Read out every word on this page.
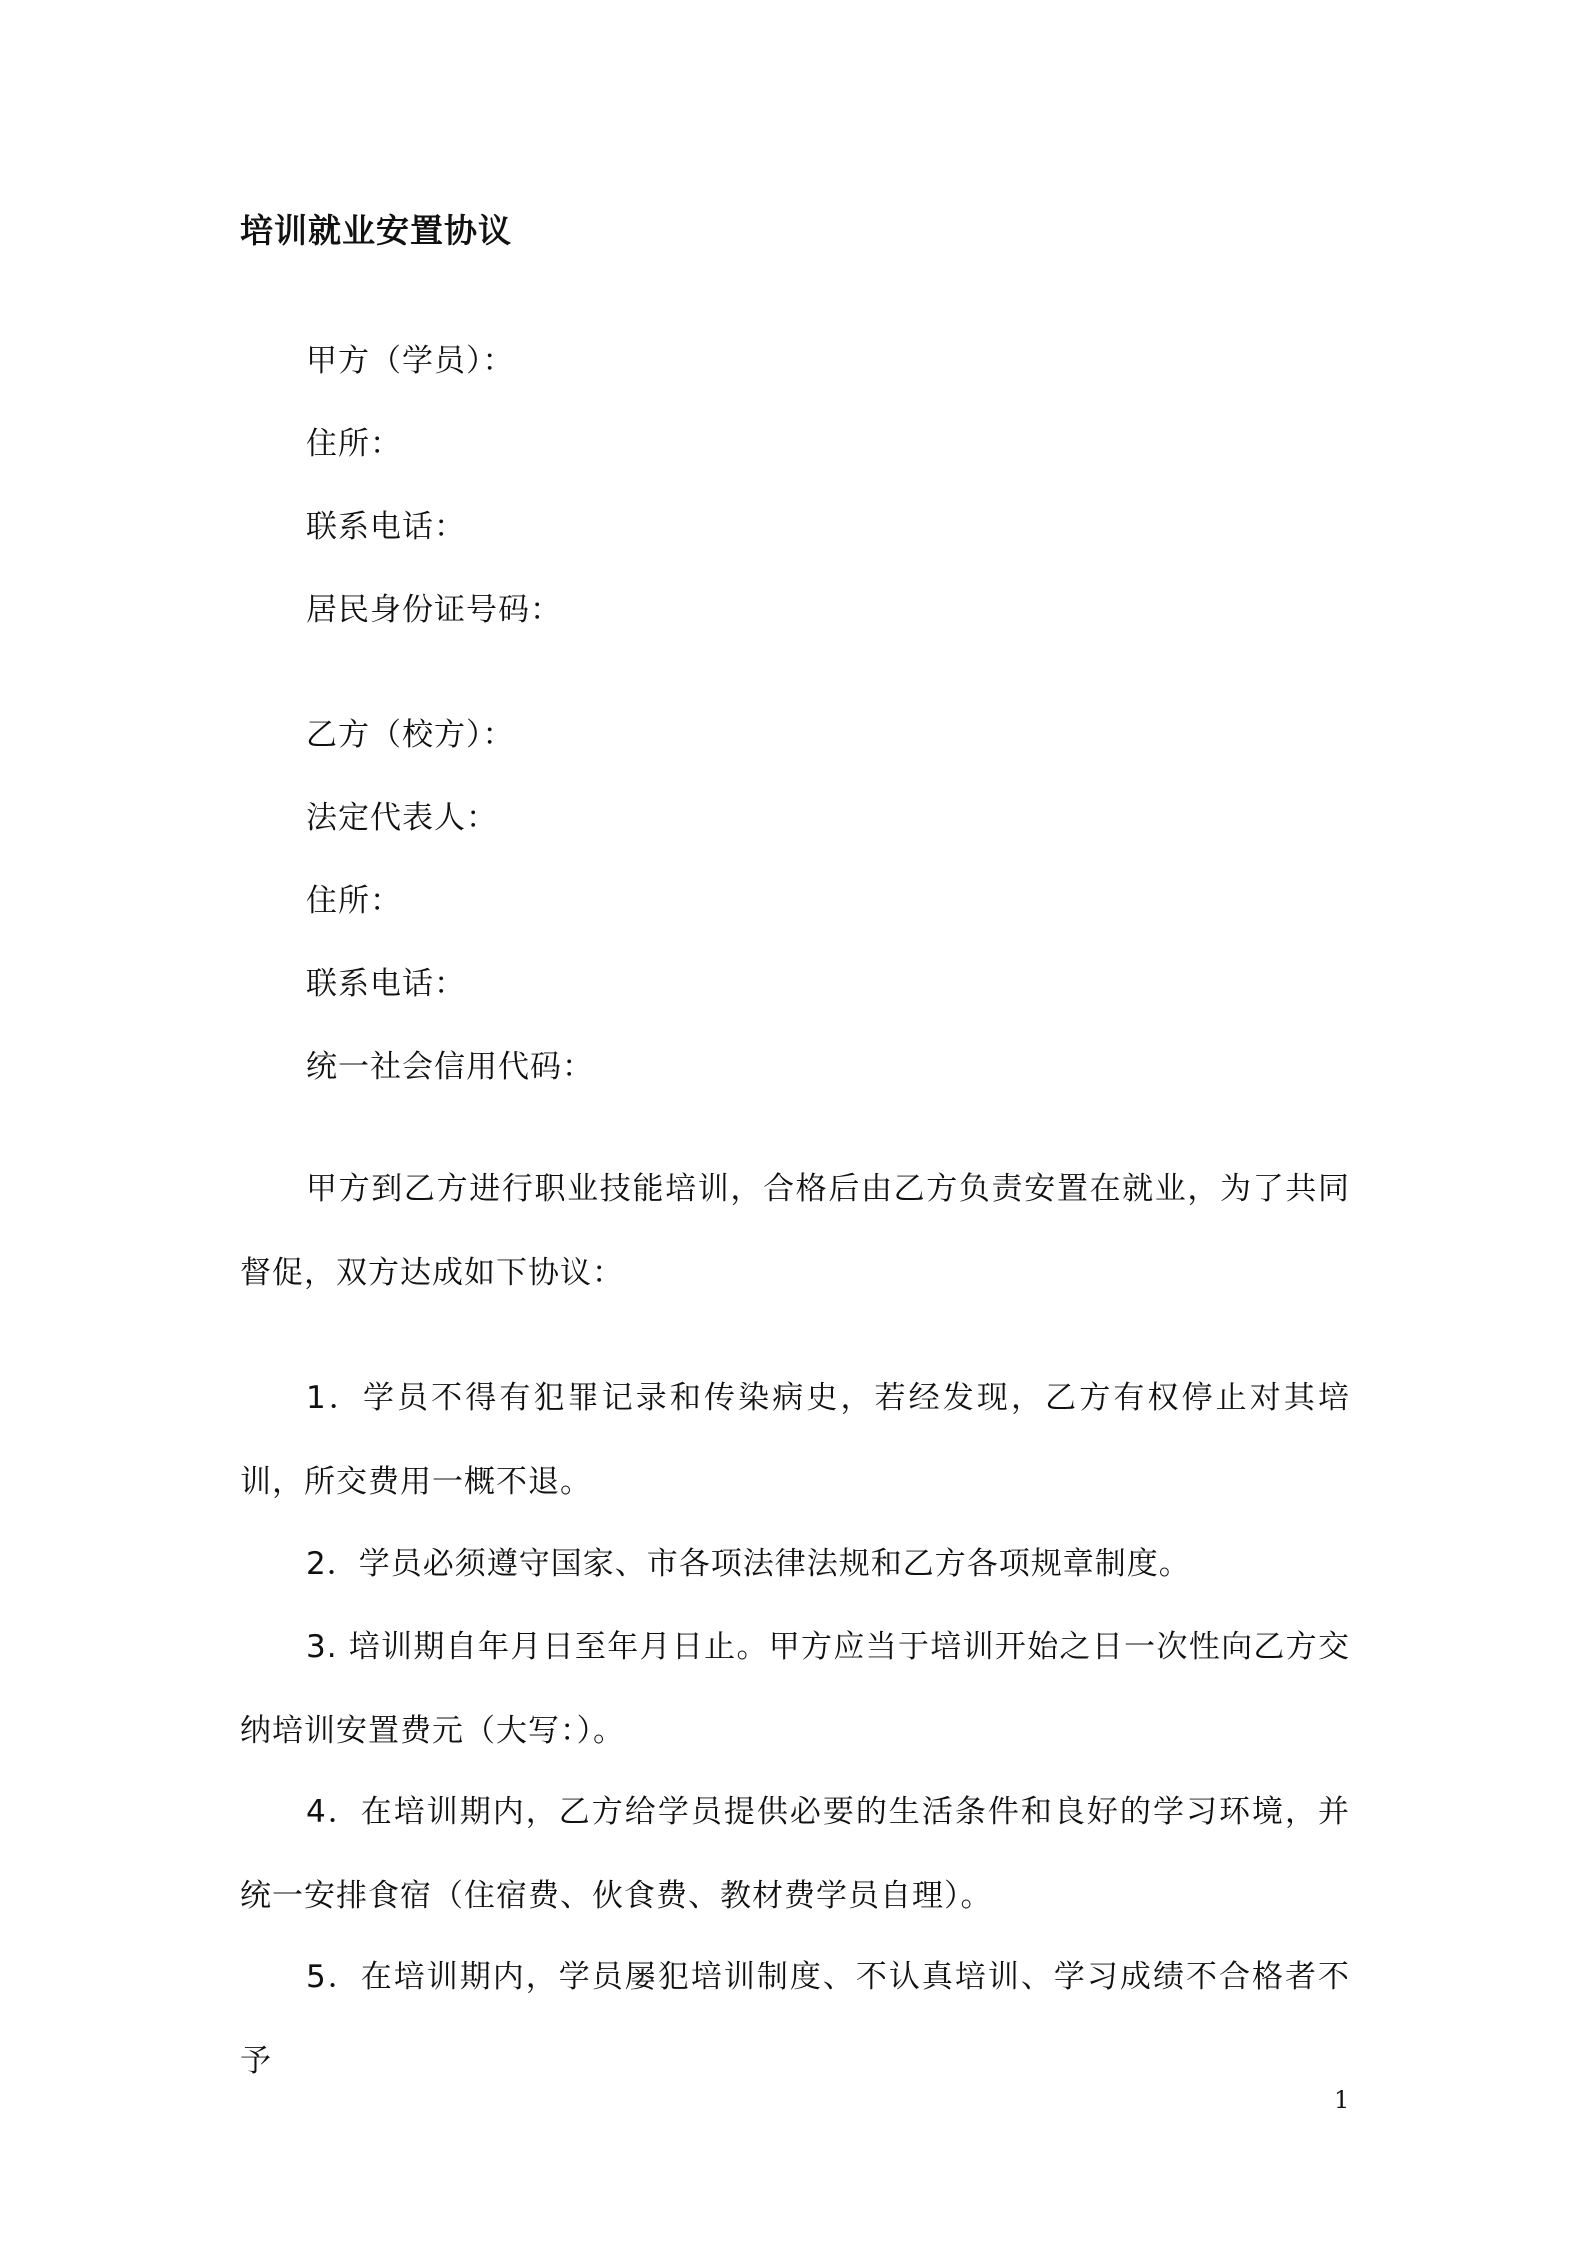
培训就业安置协议
甲方（学员）：
住所：
联系电话：
居民身份证号码：
乙方（校方）：
法定代表人：
住所：
联系电话：
统一社会信用代码：
甲方到乙方进行职业技能培训，合格后由乙方负责安置在就业，为了共同督促，双方达成如下协议：
1．学员不得有犯罪记录和传染病史，若经发现，乙方有权停止对其培训，所交费用一概不退。
2．学员必须遵守国家、市各项法律法规和乙方各项规章制度。
3. 培训期自年月日至年月日止。甲方应当于培训开始之日一次性向乙方交纳培训安置费元（大写：）。
4．在培训期内，乙方给学员提供必要的生活条件和良好的学习环境，并统一安排食宿（住宿费、伙食费、教材费学员自理）。
5．在培训期内，学员屡犯培训制度、不认真培训、学习成绩不合格者不予
1
